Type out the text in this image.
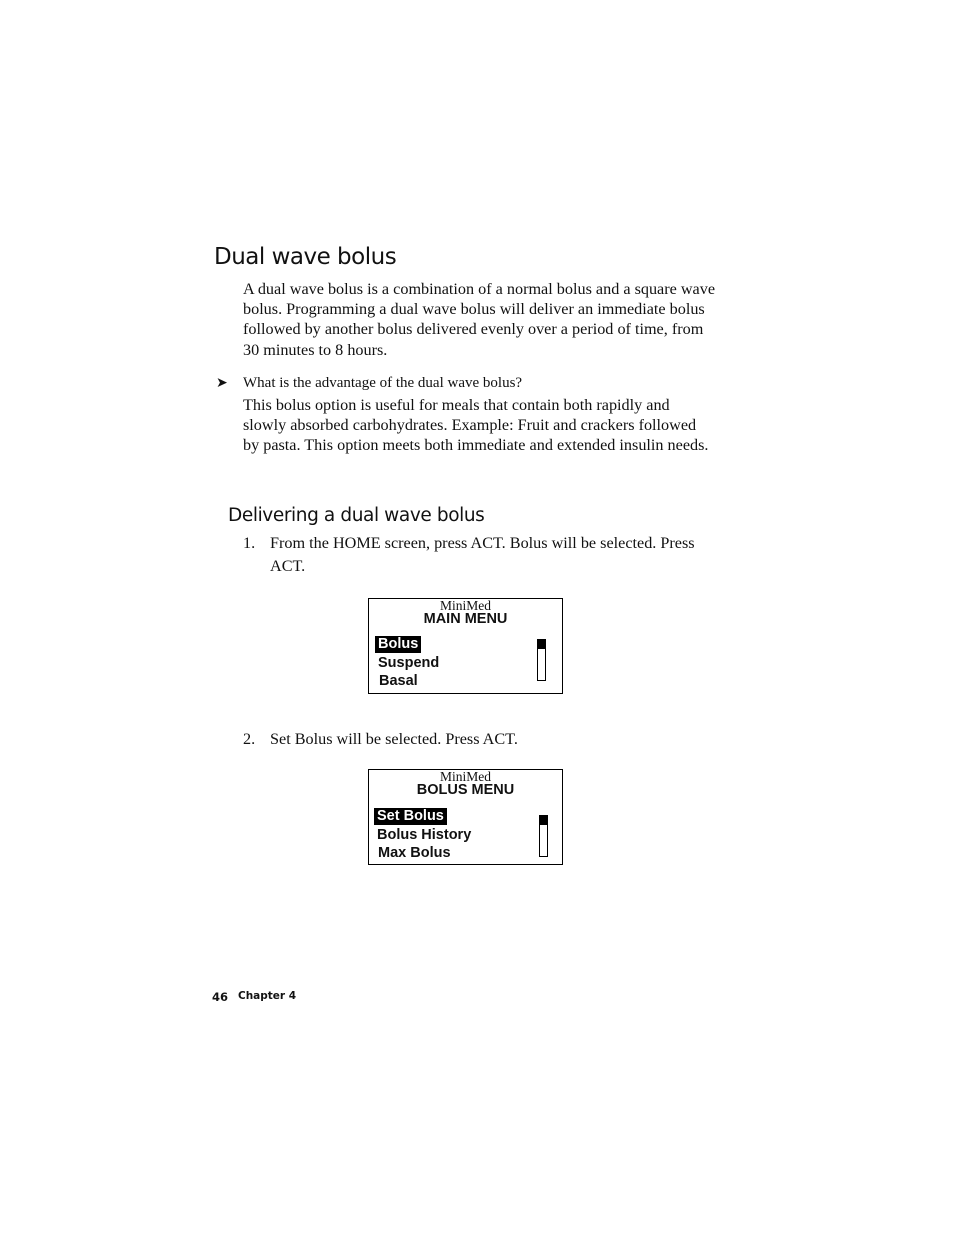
Dual wave bolus

A dual wave bolus is a combination of a normal bolus and a square wave bolus. Programming a dual wave bolus will deliver an immediate bolus followed by another bolus delivered evenly over a period of time, from 30 minutes to 8 hours.

➤ What is the advantage of the dual wave bolus?

This bolus option is useful for meals that contain both rapidly and slowly absorbed carbohydrates. Example: Fruit and crackers followed by pasta. This option meets both immediate and extended insulin needs.

Delivering a dual wave bolus
1. From the HOME screen, press ACT. Bolus will be selected. Press ACT.
MiniMed
MAIN MENU
Bolus
Suspend
Basal
2. Set Bolus will be selected. Press ACT.
MiniMed
BOLUS MENU
Set Bolus
Bolus History
Max Bolus
46 Chapter 4
